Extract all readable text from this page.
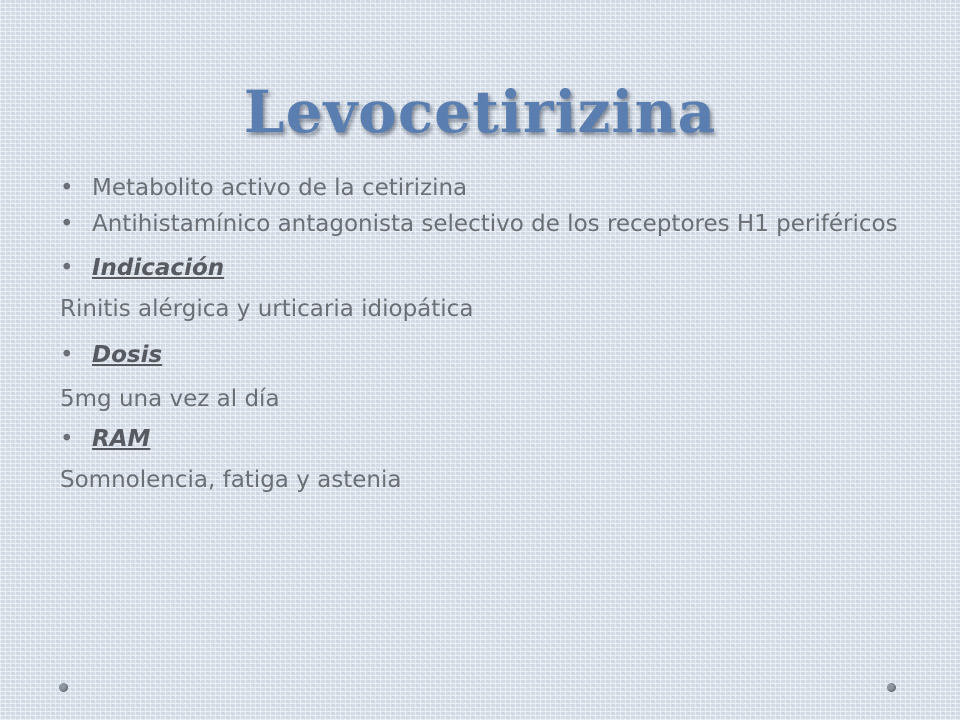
Levocetirizina

• Metabolito activo de la cetirizina

• Antihistamínico antagonista selectivo de los receptores H1 periféricos

• Indicación

Rinitis alérgica y urticaria idiopática

• Dosis

5mg una vez al día

• RAM

Somnolencia, fatiga y astenia
